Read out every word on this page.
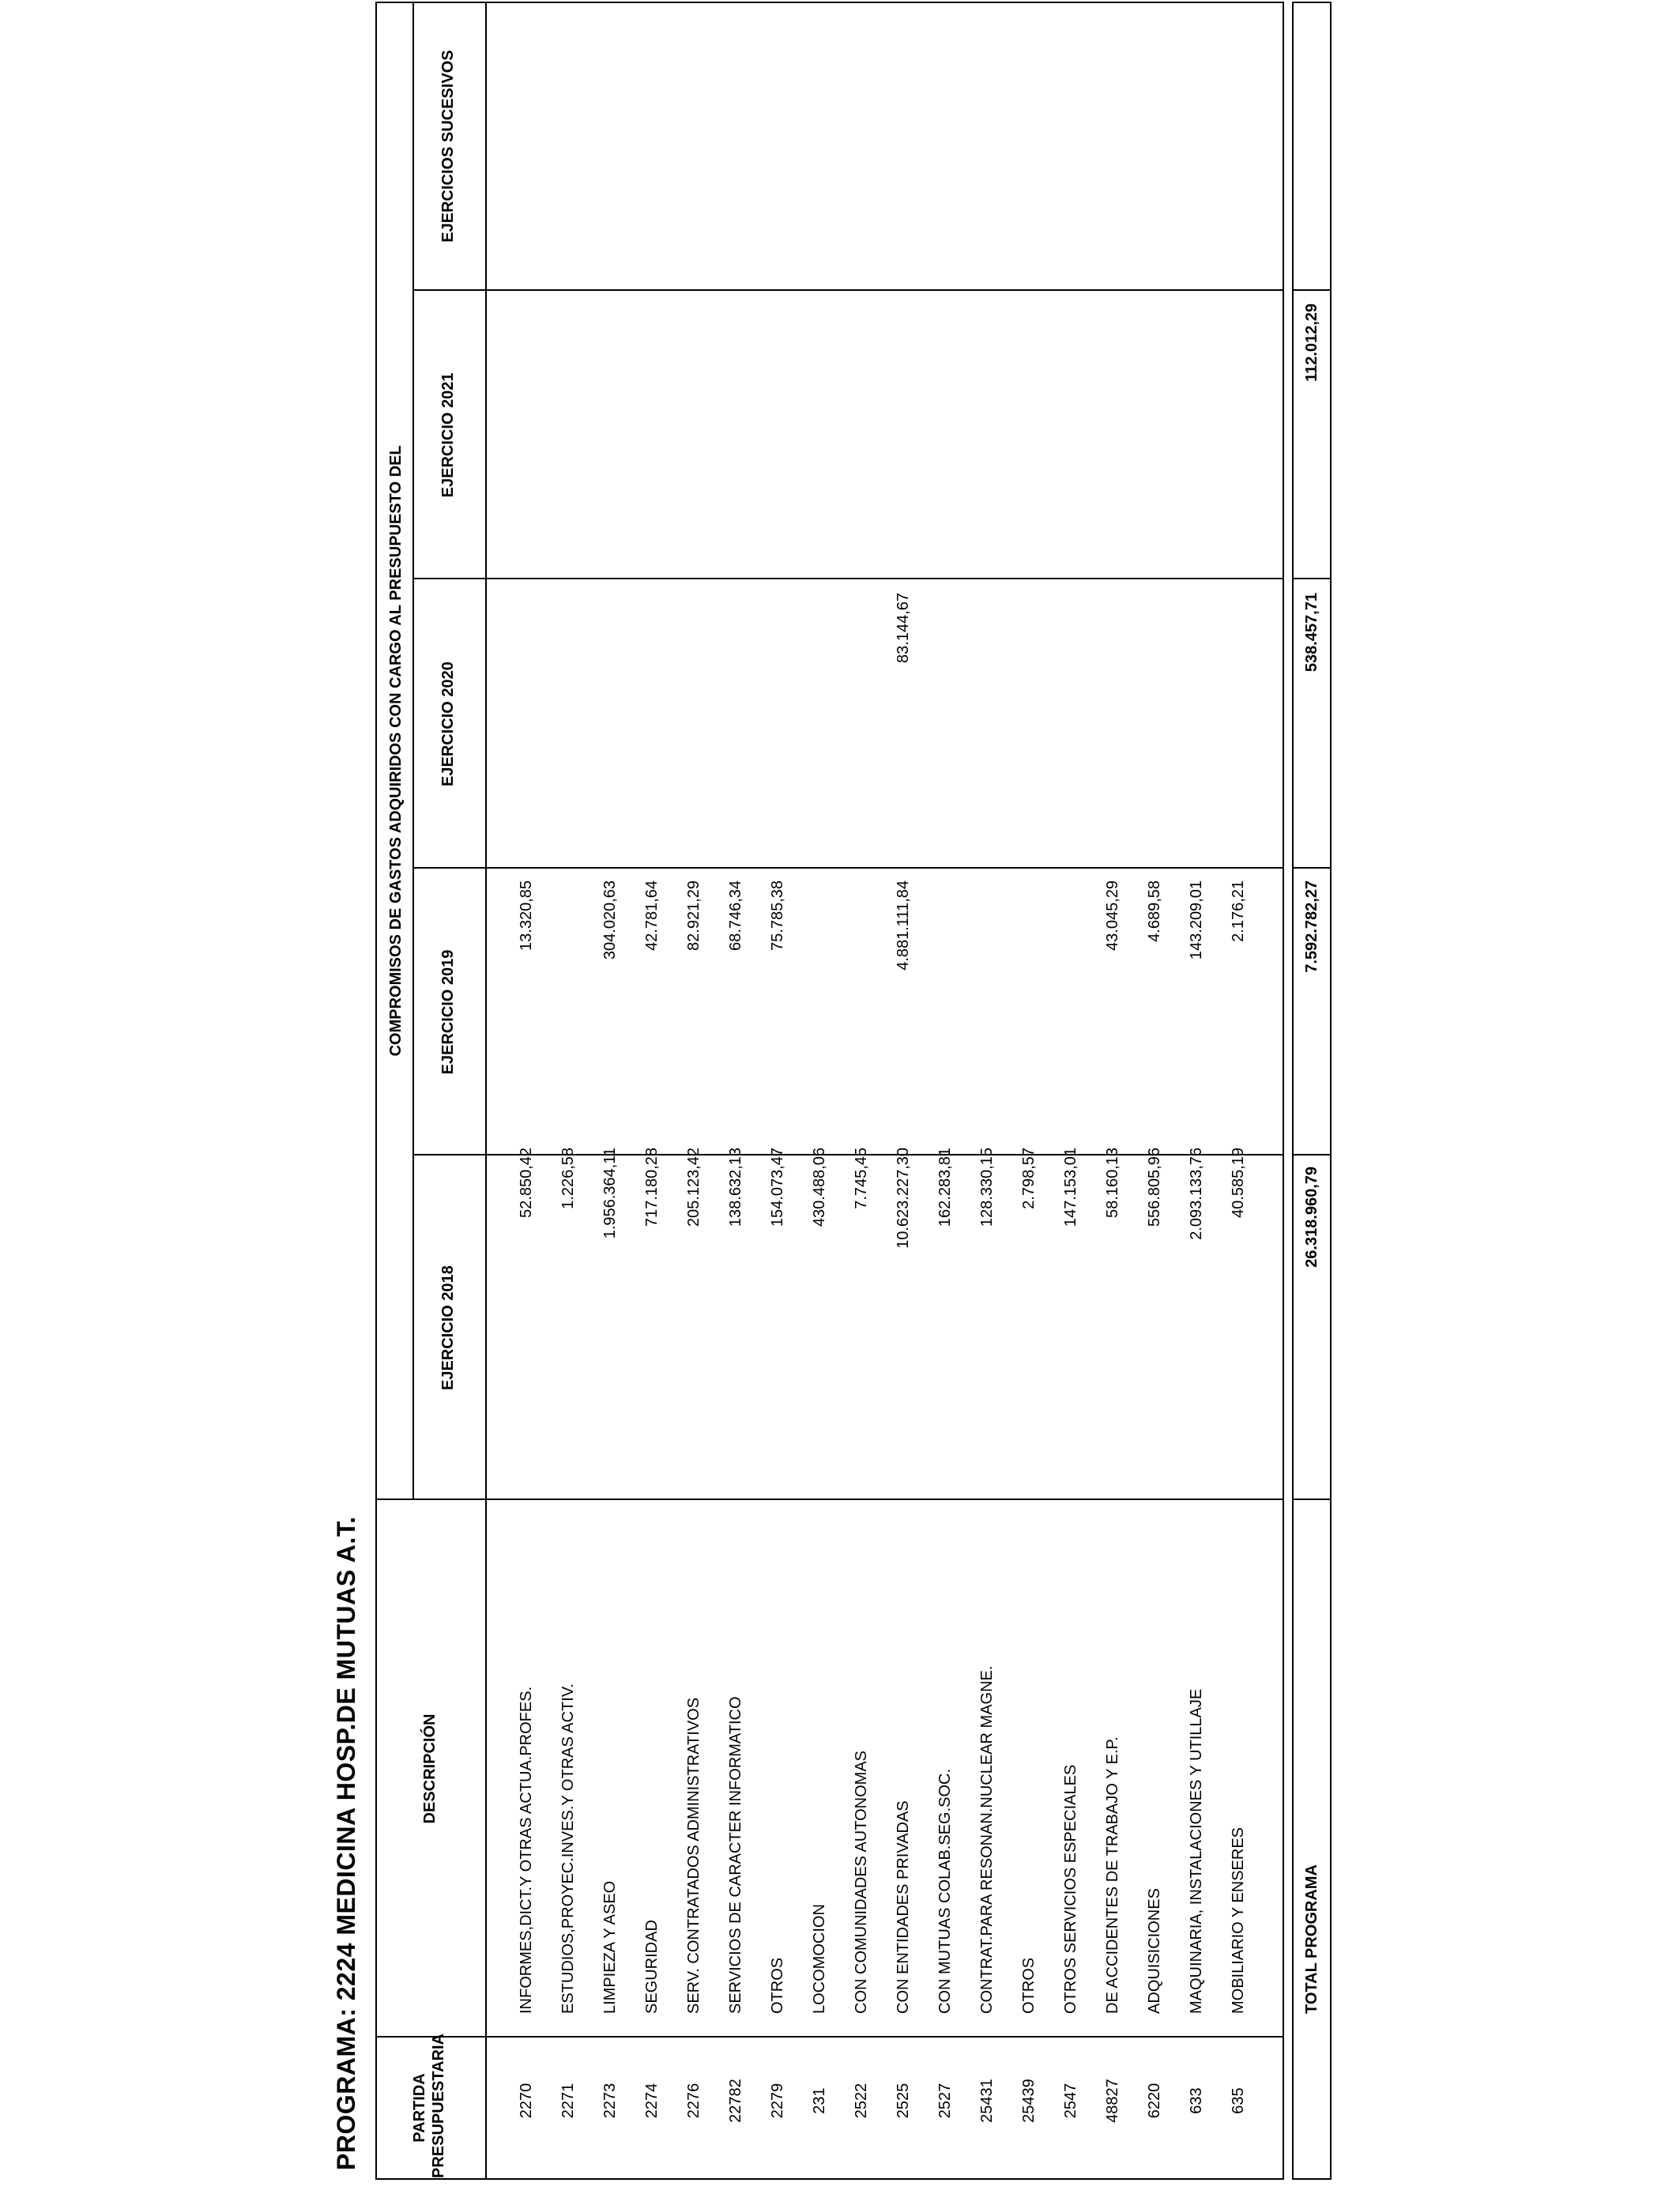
PROGRAMA: 2224 MEDICINA HOSP.DE MUTUAS A.T.	PARTIDA PRESUPUESTARIA
DESCRIPCIÓN
COMPROMISOS DE GASTOS ADQUIRIDOS CON CARGO AL PRESUPUESTO DEL
EJERCICIO 2018
EJERCICIO 2019
EJERCICIO 2020
EJERCICIO 2021
EJERCICIOS SUCESIVOS
2270
INFORMES,DICT.Y OTRAS ACTUA.PROFES.
52.850,42
13.320,85
2271
ESTUDIOS,PROYEC.INVES.Y OTRAS ACTIV.
1.226,58
2273
LIMPIEZA Y ASEO
1.956.364,11
304.020,63
2274
SEGURIDAD
717.180,28
42.781,64
2276
SERV. CONTRATADOS ADMINISTRATIVOS
205.123,42
82.921,29
22782
SERVICIOS DE CARACTER INFORMATICO
138.632,13
68.746,34
2279
OTROS
154.073,47
75.785,38
231
LOCOMOCION
430.488,06
2522
CON COMUNIDADES AUTONOMAS
7.745,45
2525
CON ENTIDADES PRIVADAS
10.623.227,30
4.881.111,84
83.144,67
2527
CON MUTUAS COLAB.SEG.SOC.
162.283,81
25431
CONTRAT.PARA RESONAN.NUCLEAR MAGNE.
128.330,15
25439
OTROS
2.798,57
2547
OTROS SERVICIOS ESPECIALES
147.153,01
48827
DE ACCIDENTES DE TRABAJO Y E.P.
58.160,13
43.045,29
6220
ADQUISICIONES
556.805,96
4.689,58
633
MAQUINARIA, INSTALACIONES Y UTILLAJE
2.093.133,76
143.209,01
635
MOBILIARIO Y ENSERES
40.585,19
2.176,21
TOTAL PROGRAMA
26.318.960,79
7.592.782,27
538.457,71
112.012,29
